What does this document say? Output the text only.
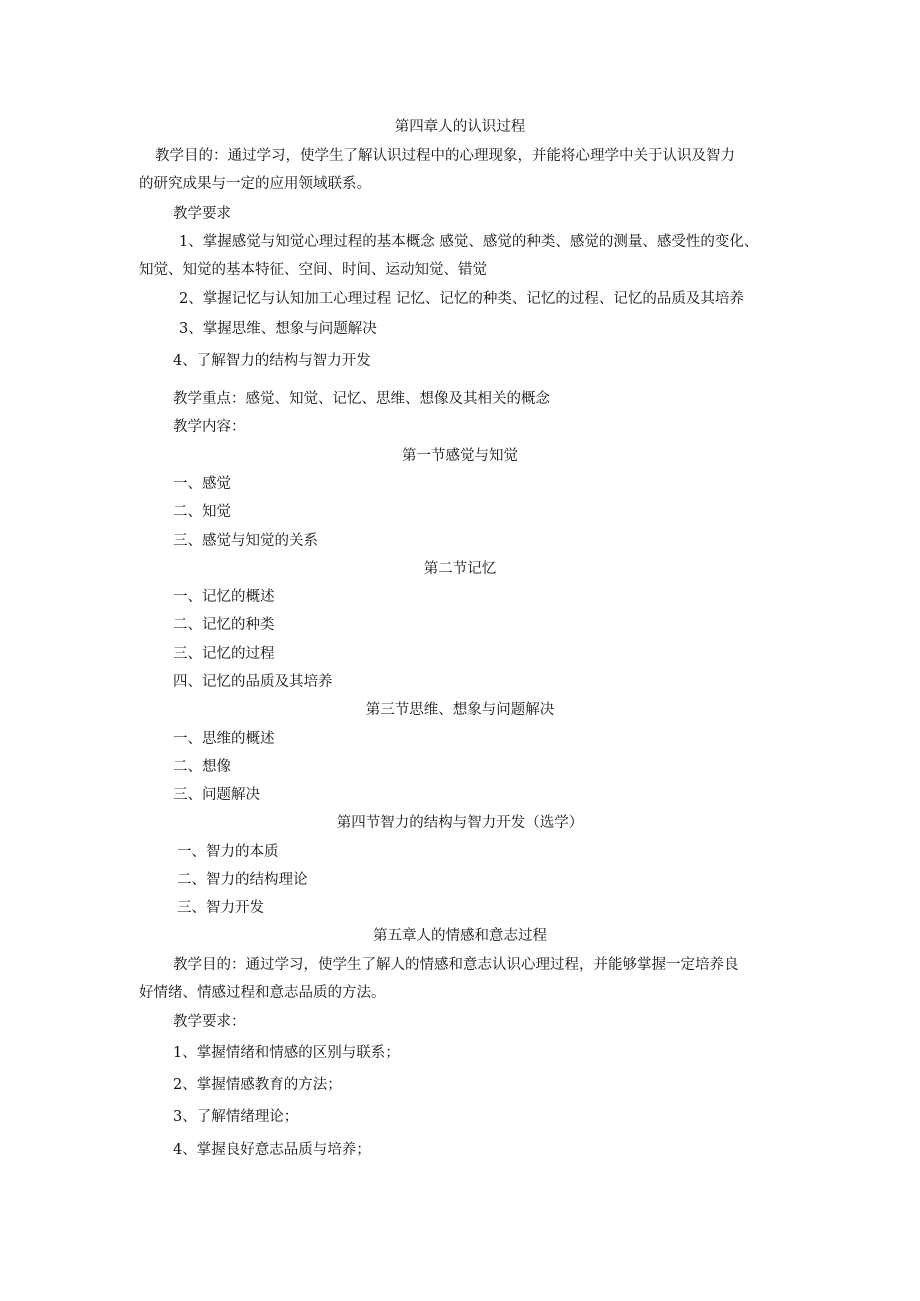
第四章人的认识过程
教学目的：通过学习，使学生了解认识过程中的心理现象，并能将心理学中关于认识及智力
的研究成果与一定的应用领域联系。
教学要求
1、掌握感觉与知觉心理过程的基本概念 感觉、感觉的种类、感觉的测量、感受性的变化、
知觉、知觉的基本特征、空间、时间、运动知觉、错觉
2、掌握记忆与认知加工心理过程 记忆、记忆的种类、记忆的过程、记忆的品质及其培养
3、掌握思维、想象与问题解决
4、了解智力的结构与智力开发
教学重点：感觉、知觉、记忆、思维、想像及其相关的概念
教学内容：
第一节感觉与知觉
一、感觉
二、知觉
三、感觉与知觉的关系
第二节记忆
一、记忆的概述
二、记忆的种类
三、记忆的过程
四、记忆的品质及其培养
第三节思维、想象与问题解决
一、思维的概述
二、想像
三、问题解决
第四节智力的结构与智力开发（选学）
一、智力的本质
二、智力的结构理论
三、智力开发
第五章人的情感和意志过程
教学目的：通过学习，使学生了解人的情感和意志认识心理过程，并能够掌握一定培养良
好情绪、情感过程和意志品质的方法。
教学要求：
1、掌握情绪和情感的区别与联系；
2、掌握情感教育的方法；
3、了解情绪理论；
4、掌握良好意志品质与培养；
